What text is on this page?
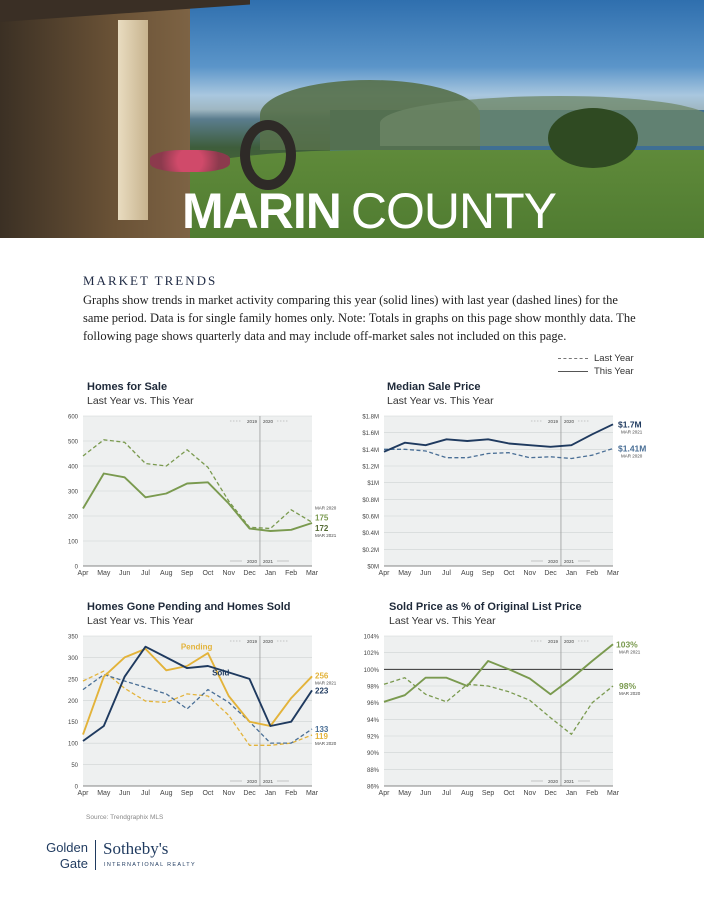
MARIN COUNTY
MARKET TRENDS
Graphs show trends in market activity comparing this year (solid lines) with last year (dashed lines) for the same period. Data is for single family homes only. Note: Totals in graphs on this page show monthly data. The following page shows quarterly data and may include off-market sales not included on this page.
Last Year
This Year
Homes for Sale
Last Year vs. This Year
0
100
200
300
400
500
600
2019 2020
2020 2021
Apr May Jun Jul Aug Sep Oct Nov Dec Jan Feb Mar
MAR 2020
175
172
MAR 2021
Median Sale Price
Last Year vs. This Year
$0M
$0.2M
$0.4M
$0.6M
$0.8M
$1M
$1.2M
$1.4M
$1.6M
$1.8M
2019 2020
2020 2021
Apr May Jun Jul Aug Sep Oct Nov Dec Jan Feb Mar
$1.7M
MAR 2021
$1.41M
MAR 2020
Homes Gone Pending and Homes Sold
Last Year vs. This Year
0
50
100
150
200
250
300
350
2019 2020
2020 2021
Apr May Jun Jul Aug Sep Oct Nov Dec Jan Feb Mar
Pending
Sold	256
MAR 2021
223
133
119
MAR 2020
Sold Price as % of Original List Price
Last Year vs. This Year
86%
88%
90%
92%
94%
96%
98%
100%
102%
104%
2019 2020
2020 2021
Apr May Jun Jul Aug Sep Oct Nov Dec Jan Feb Mar
103%
MAR 2021
98%
MAR 2020
Source: Trendgraphix MLS
Golden
Gate
Sotheby's
INTERNATIONAL REALTY
